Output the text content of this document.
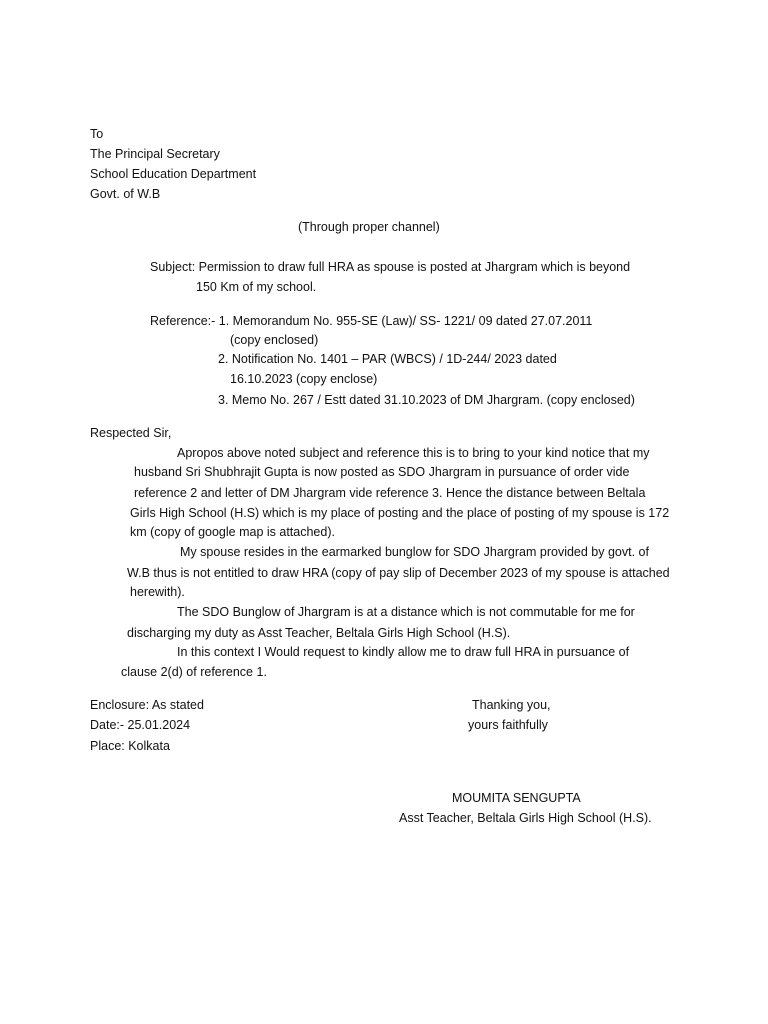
To
The Principal Secretary
School Education Department
Govt. of W.B
(Through proper channel)
Subject: Permission to draw full HRA as spouse is posted at Jhargram which is beyond
150 Km of my school.
Reference:- 1. Memorandum No. 955-SE (Law)/ SS- 1221/ 09 dated 27.07.2011
(copy enclosed)
2. Notification No. 1401 – PAR (WBCS) / 1D-244/ 2023 dated
16.10.2023 (copy enclose)
3. Memo No. 267 / Estt dated 31.10.2023 of DM Jhargram. (copy enclosed)
Respected Sir,
Apropos above noted subject and reference this is to bring to your kind notice that my
husband Sri Shubhrajit Gupta is now posted as SDO Jhargram in pursuance of order vide
reference 2 and letter of DM Jhargram vide reference 3. Hence the distance between Beltala
Girls High School (H.S) which is my place of posting and the place of posting of my spouse is 172
km (copy of google map is attached).
My spouse resides in the earmarked bunglow for SDO Jhargram provided by govt. of
W.B thus is not entitled to draw HRA (copy of pay slip of December 2023 of my spouse is attached
herewith).
The SDO Bunglow of Jhargram is at a distance which is not commutable for me for
discharging my duty as Asst Teacher, Beltala Girls High School (H.S).
In this context I Would request to kindly allow me to draw full HRA in pursuance of
clause 2(d) of reference 1.
Enclosure: As stated
Date:- 25.01.2024
Place: Kolkata
Thanking you,
yours faithfully
MOUMITA SENGUPTA
Asst Teacher, Beltala Girls High School (H.S).
